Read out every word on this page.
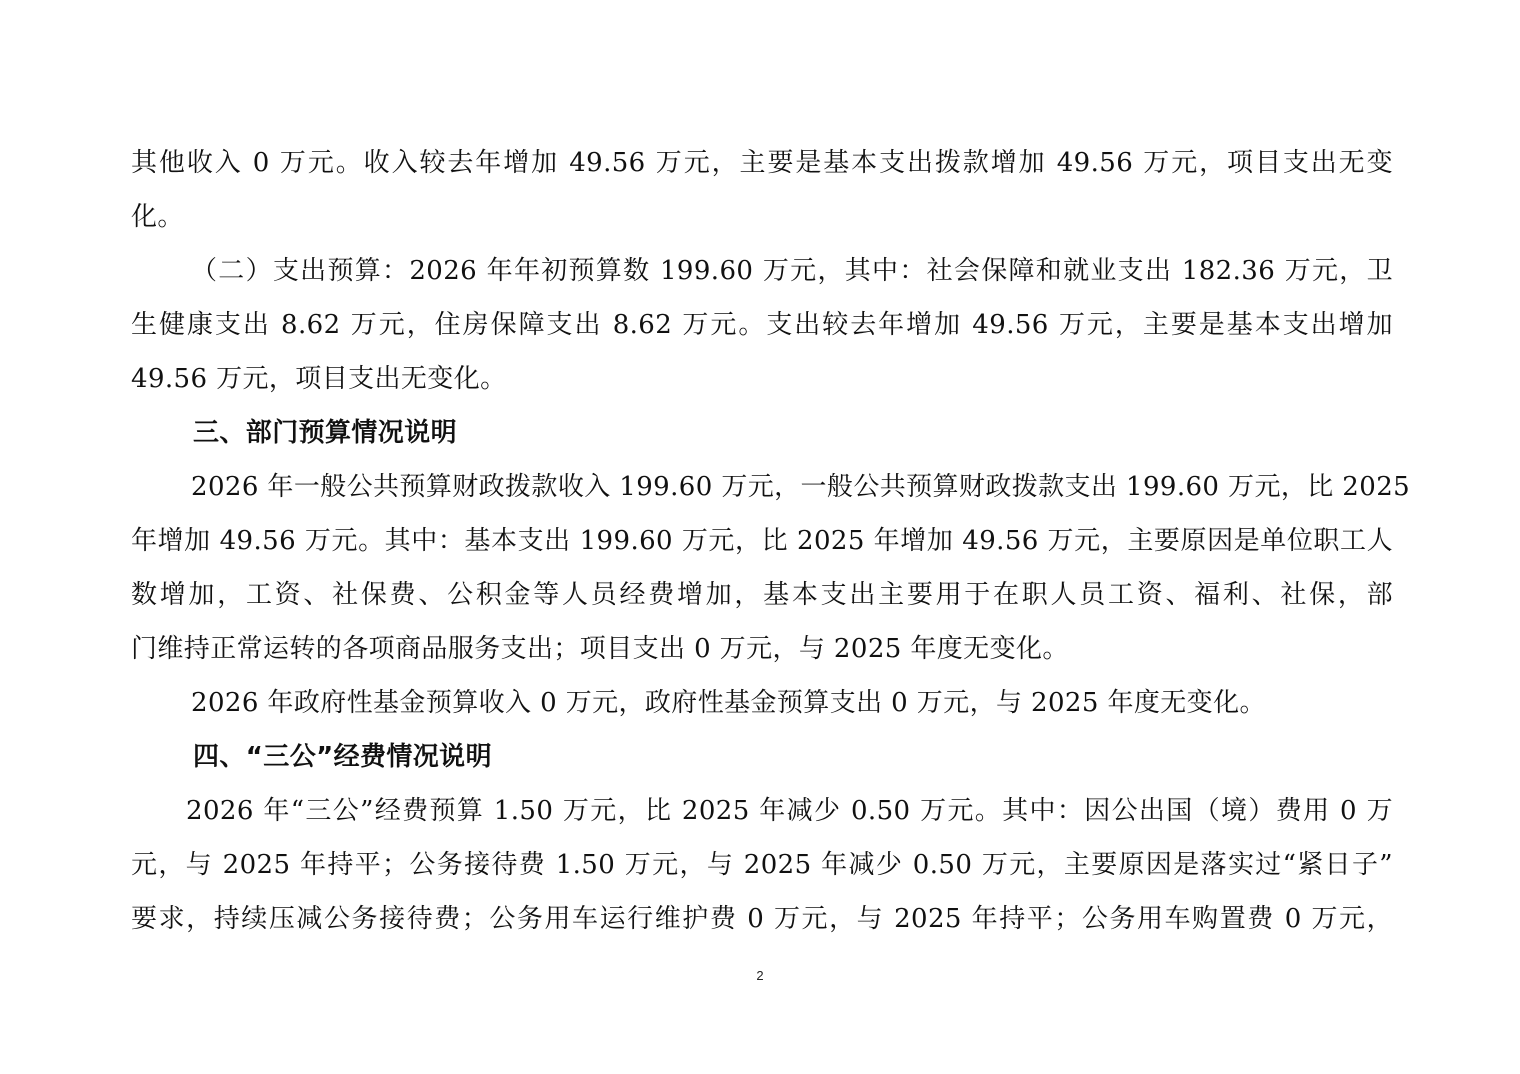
其他收入 0 万元。收入较去年增加 49.56 万元，主要是基本支出拨款增加 49.56 万元，项目支出无变
化。
（二）支出预算：2026 年年初预算数 199.60 万元，其中：社会保障和就业支出 182.36 万元，卫
生健康支出 8.62 万元，住房保障支出 8.62 万元。支出较去年增加 49.56 万元，主要是基本支出增加
49.56 万元，项目支出无变化。
三、部门预算情况说明
2026 年一般公共预算财政拨款收入 199.60 万元，一般公共预算财政拨款支出 199.60 万元，比 2025
年增加 49.56 万元。其中：基本支出 199.60 万元，比 2025 年增加 49.56 万元，主要原因是单位职工人
数增加，工资、社保费、公积金等人员经费增加，基本支出主要用于在职人员工资、福利、社保，部
门维持正常运转的各项商品服务支出；项目支出 0 万元，与 2025 年度无变化。
2026 年政府性基金预算收入 0 万元，政府性基金预算支出 0 万元，与 2025 年度无变化。
四、“三公”经费情况说明
2026 年“三公”经费预算 1.50 万元，比 2025 年减少 0.50 万元。其中：因公出国（境）费用 0 万
元，与 2025 年持平；公务接待费 1.50 万元，与 2025 年减少 0.50 万元，主要原因是落实过“紧日子”
要求，持续压减公务接待费；公务用车运行维护费 0 万元，与 2025 年持平；公务用车购置费 0 万元，
2
